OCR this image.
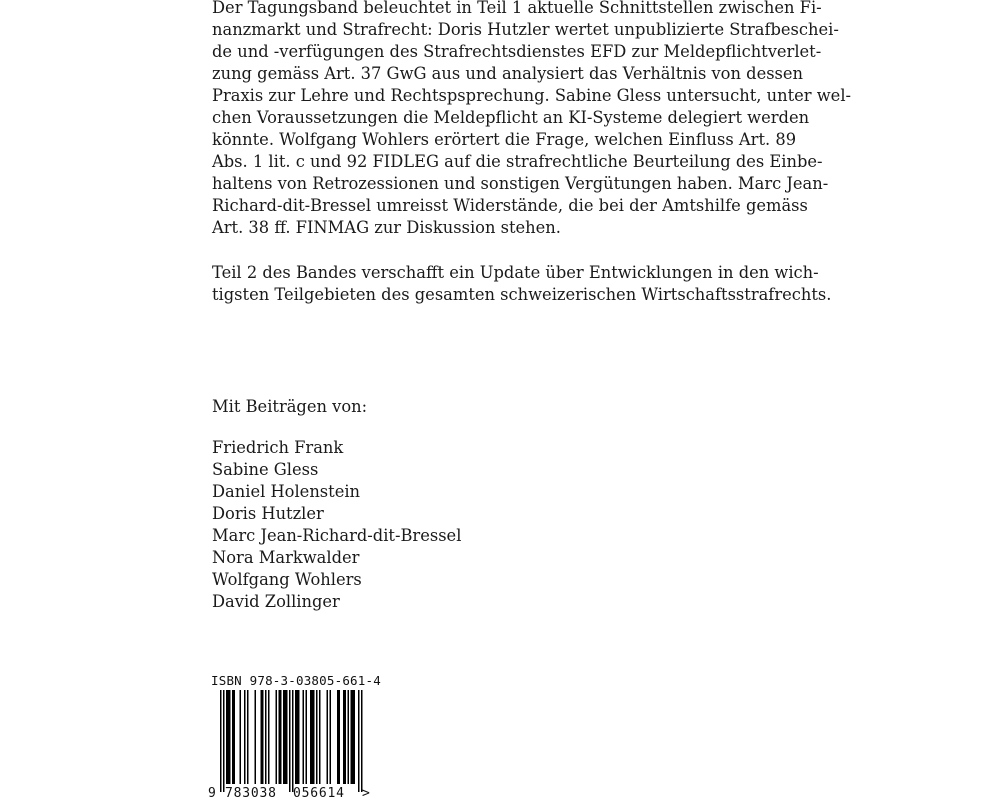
Der Tagungsband beleuchtet in Teil 1 aktuelle Schnittstellen zwischen Fi-
nanzmarkt und Strafrecht: Doris Hutzler wertet unpublizierte Strafbeschei-
de und -verfügungen des Strafrechtsdienstes EFD zur Meldepflichtverlet-
zung gemäss Art. 37 GwG aus und analysiert das Verhältnis von dessen
Praxis zur Lehre und Rechtspsprechung. Sabine Gless untersucht, unter wel-
chen Voraussetzungen die Meldepflicht an KI-Systeme delegiert werden
könnte. Wolfgang Wohlers erörtert die Frage, welchen Einfluss Art. 89
Abs. 1 lit. c und 92 FIDLEG auf die strafrechtliche Beurteilung des Einbe-
haltens von Retrozessionen und sonstigen Vergütungen haben. Marc Jean-
Richard-dit-Bressel umreisst Widerstände, die bei der Amtshilfe gemäss
Art. 38 ff. FINMAG zur Diskussion stehen.
Teil 2 des Bandes verschafft ein Update über Entwicklungen in den wich-
tigsten Teilgebieten des gesamten schweizerischen Wirtschaftsstrafrechts.

Mit Beiträgen von:

Friedrich Frank
Sabine Gless
Daniel Holenstein
Doris Hutzler
Marc Jean-Richard-dit-Bressel
Nora Markwalder
Wolfgang Wohlers
David Zollinger
ISBN 978-3-03805-661-4
9 783038 056614 >
